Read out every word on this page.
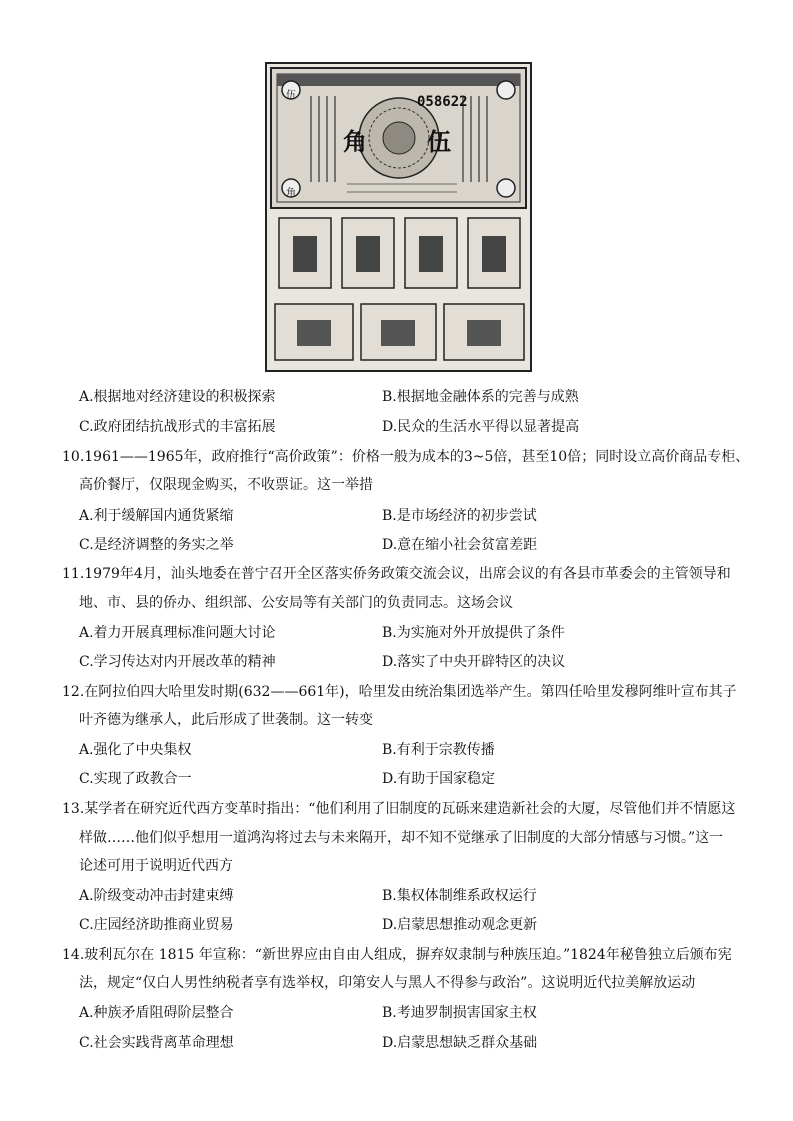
058622
角	伍
伍
角
A.根据地对经济建设的积极探索	B.根据地金融体系的完善与成熟
C.政府团结抗战形式的丰富拓展	D.民众的生活水平得以显著提高
10.1961——1965年，政府推行“高价政策”：价格一般为成本的3~5倍，甚至10倍；同时设立高价商品专柜、
高价餐厅，仅限现金购买，不收票证。这一举措
A.利于缓解国内通货紧缩	B.是市场经济的初步尝试
C.是经济调整的务实之举	D.意在缩小社会贫富差距
11.1979年4月，汕头地委在普宁召开全区落实侨务政策交流会议，出席会议的有各县市革委会的主管领导和
地、市、县的侨办、组织部、公安局等有关部门的负责同志。这场会议
A.着力开展真理标准问题大讨论	B.为实施对外开放提供了条件
C.学习传达对内开展改革的精神	D.落实了中央开辟特区的决议
12.在阿拉伯四大哈里发时期(632——661年)，哈里发由统治集团选举产生。第四任哈里发穆阿维叶宣布其子
叶齐德为继承人，此后形成了世袭制。这一转变
A.强化了中央集权	B.有利于宗教传播
C.实现了政教合一	D.有助于国家稳定
13.某学者在研究近代西方变革时指出：“他们利用了旧制度的瓦砾来建造新社会的大厦，尽管他们并不情愿这
样做……他们似乎想用一道鸿沟将过去与未来隔开，却不知不觉继承了旧制度的大部分情感与习惯。”这一
论述可用于说明近代西方
A.阶级变动冲击封建束缚	B.集权体制维系政权运行
C.庄园经济助推商业贸易	D.启蒙思想推动观念更新
14.玻利瓦尔在 1815 年宣称：“新世界应由自由人组成，摒弃奴隶制与种族压迫。”1824年秘鲁独立后颁布宪
法，规定“仅白人男性纳税者享有选举权，印第安人与黑人不得参与政治”。这说明近代拉美解放运动
A.种族矛盾阻碍阶层整合	B.考迪罗制损害国家主权
C.社会实践背离革命理想	D.启蒙思想缺乏群众基础
